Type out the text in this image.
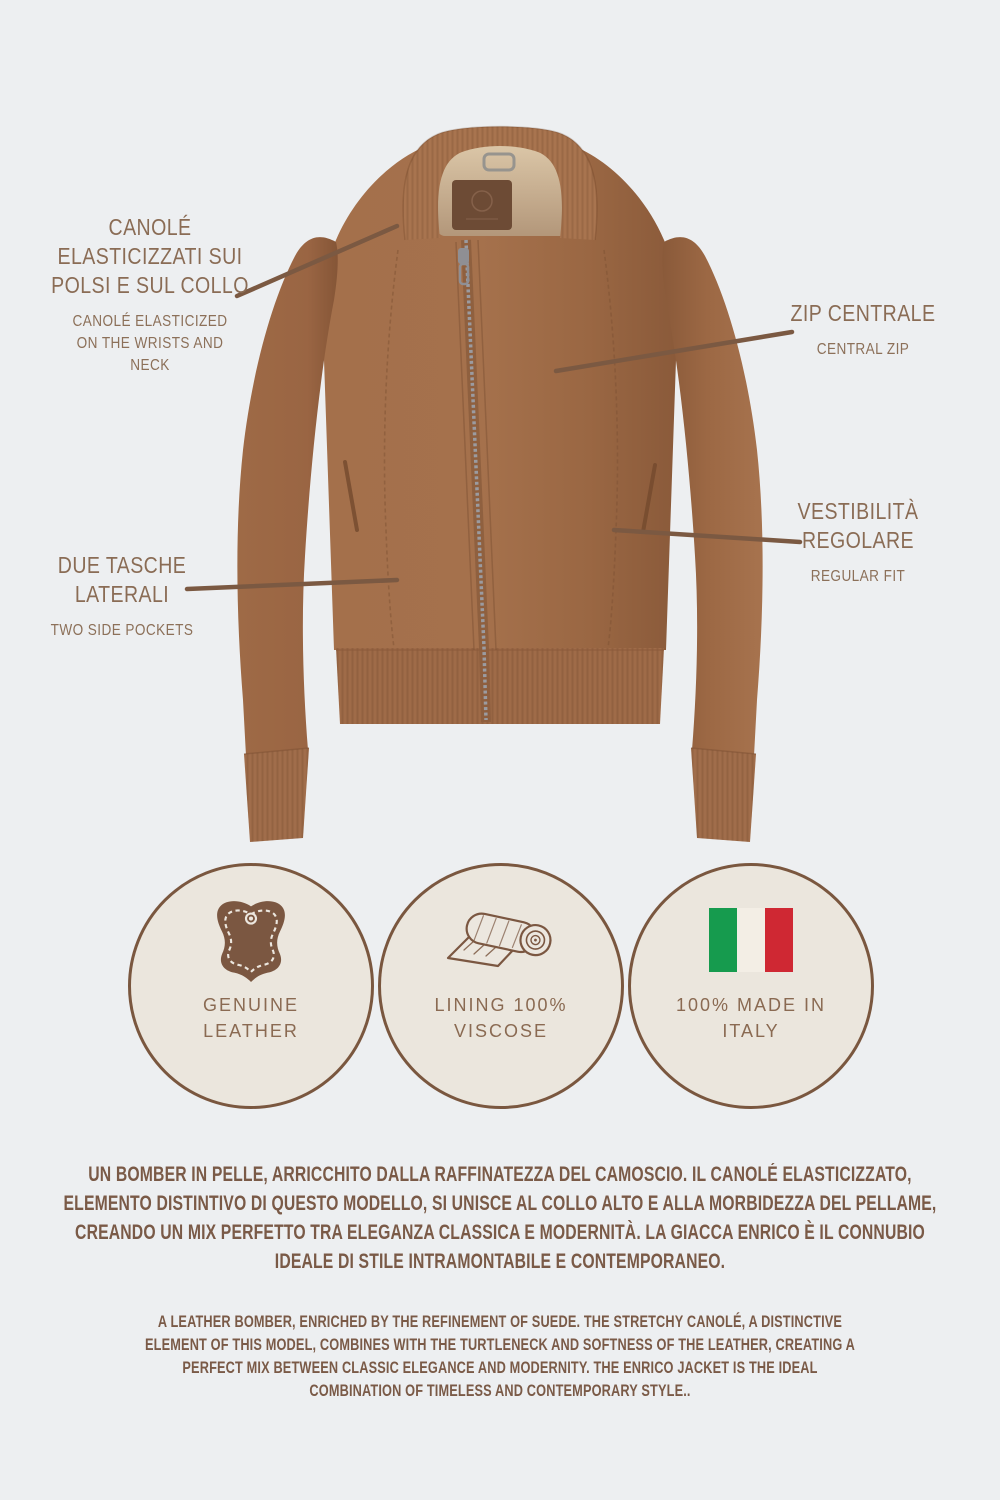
CANOLÉ
ELASTICIZZATI SUI
POLSI E SUL COLLO
CANOLÉ ELASTICIZED
ON THE WRISTS AND
NECK
ZIP CENTRALE
CENTRAL ZIP
VESTIBILITÀ
REGOLARE
REGULAR FIT
DUE TASCHE
LATERALI
TWO SIDE POCKETS
GENUINE
LEATHER
LINING 100%
VISCOSE
100% MADE IN
ITALY
UN BOMBER IN PELLE, ARRICCHITO DALLA RAFFINATEZZA DEL CAMOSCIO. IL CANOLÉ ELASTICIZZATO, ELEMENTO DISTINTIVO DI QUESTO MODELLO, SI UNISCE AL COLLO ALTO E ALLA MORBIDEZZA DEL PELLAME, CREANDO UN MIX PERFETTO TRA ELEGANZA CLASSICA E MODERNITÀ. LA GIACCA ENRICO È IL CONNUBIO IDEALE DI STILE INTRAMONTABILE E CONTEMPORANEO.
A LEATHER BOMBER, ENRICHED BY THE REFINEMENT OF SUEDE. THE STRETCHY CANOLÉ, A DISTINCTIVE ELEMENT OF THIS MODEL, COMBINES WITH THE TURTLENECK AND SOFTNESS OF THE LEATHER, CREATING A PERFECT MIX BETWEEN CLASSIC ELEGANCE AND MODERNITY. THE ENRICO JACKET IS THE IDEAL COMBINATION OF TIMELESS AND CONTEMPORARY STYLE..
